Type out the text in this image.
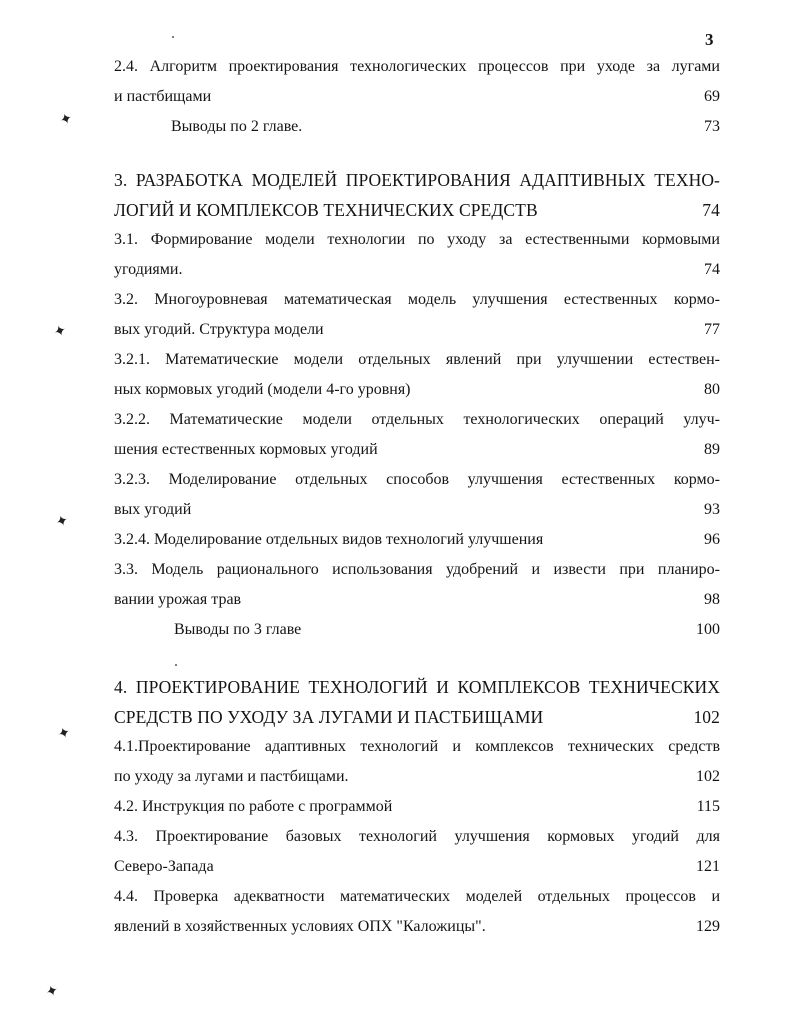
3
2.4. Алгоритм проектирования технологических процессов при уходе за лугами
и пастбищами	69
Выводы по 2 главе.	73
3. РАЗРАБОТКА МОДЕЛЕЙ ПРОЕКТИРОВАНИЯ АДАПТИВНЫХ ТЕХНО-
ЛОГИЙ И КОМПЛЕКСОВ ТЕХНИЧЕСКИХ СРЕДСТВ	74
3.1. Формирование модели технологии по уходу за естественными кормовыми
угодиями.	74
3.2. Многоуровневая математическая модель улучшения естественных кормо-
вых угодий. Структура модели	77
3.2.1. Математические модели отдельных явлений при улучшении естествен-
ных кормовых угодий (модели 4-го уровня)	80
3.2.2. Математические модели отдельных технологических операций улуч-
шения естественных кормовых угодий	89
3.2.3. Моделирование отдельных способов улучшения естественных кормо-
вых угодий	93
3.2.4. Моделирование отдельных видов технологий улучшения	96
3.3. Модель рационального использования удобрений и извести при планиро-
вании урожая трав	98
Выводы по 3 главе	100
4. ПРОЕКТИРОВАНИЕ ТЕХНОЛОГИЙ И КОМПЛЕКСОВ ТЕХНИЧЕСКИХ
СРЕДСТВ ПО УХОДУ ЗА ЛУГАМИ И ПАСТБИЩАМИ	102
4.1.Проектирование адаптивных технологий и комплексов технических средств
по уходу за лугами и пастбищами.	102
4.2. Инструкция по работе с программой	115
4.3. Проектирование базовых технологий улучшения кормовых угодий для
Северо-Запада	121
4.4. Проверка адекватности математических моделей отдельных процессов и
явлений в хозяйственных условиях ОПХ "Каложицы".	129
✦
✦
✦
✦
✦
